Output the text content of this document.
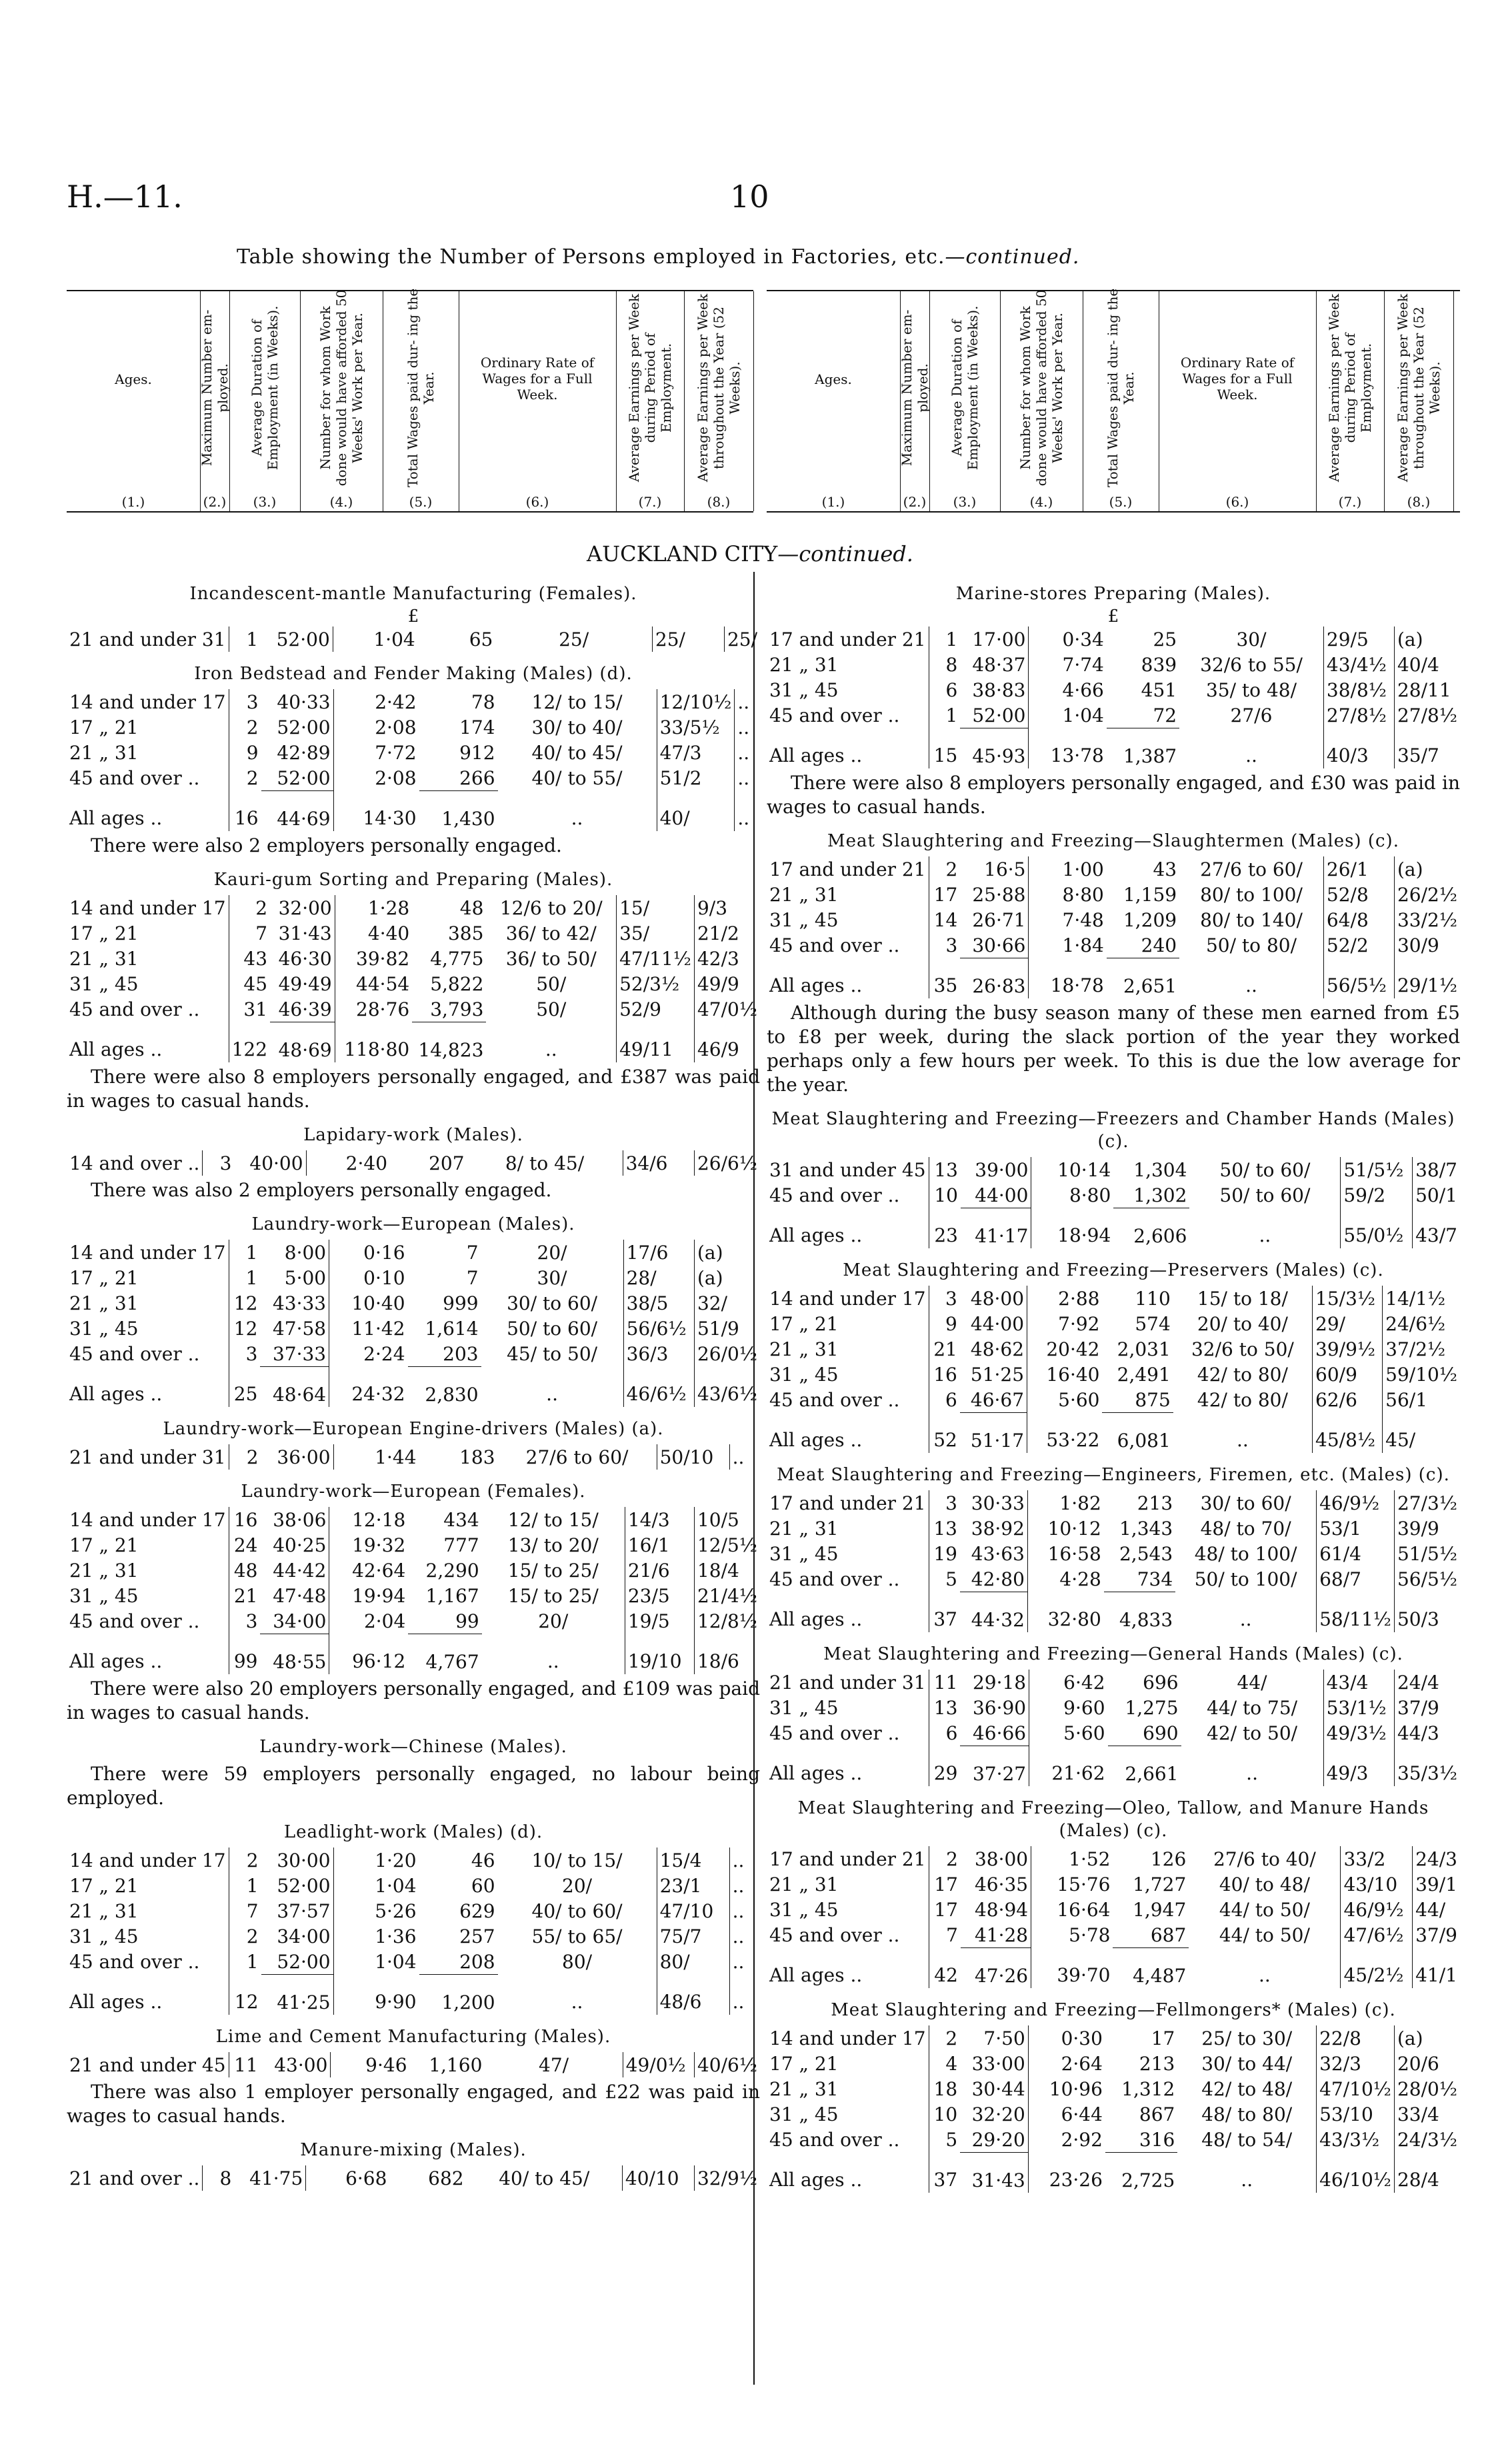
H.—11.	10
Table showing the Number of Persons employed in Factories, etc.—continued.
Ages.
(1.)
Maximum Number em- ployed.
(2.)
Average Duration of Employment (in Weeks).
(3.)
Number for whom Work done would have afforded 50 Weeks' Work per Year.
(4.)
Total Wages paid dur- ing the Year.
(5.)
Ordinary Rate of Wages for a Full Week.
(6.)
Average Earnings per Week during Period of Employment.
(7.)
Average Earnings per Week throughout the Year (52 Weeks).
(8.)
Ages.
(1.)
Maximum Number em- ployed.
(2.)
Average Duration of Employment (in Weeks).
(3.)
Number for whom Work done would have afforded 50 Weeks' Work per Year.
(4.)
Total Wages paid dur- ing the Year.
(5.)
Ordinary Rate of Wages for a Full Week.
(6.)
Average Earnings per Week during Period of Employment.
(7.)
Average Earnings per Week throughout the Year (52 Weeks).
(8.)
AUCKLAND CITY—continued.
Incandescent-mantle Manufacturing (Females).
£
21 and under 31	1	52·00	1·04	65	25/	25/	25/
Iron Bedstead and Fender Making (Males) (d).
14 and under 17	3	40·33	2·42	78	12/ to 15/	12/10½	..
17 „ 21	2	52·00	2·08	174	30/ to 40/	33/5½	..
21 „ 31	9	42·89	7·72	912	40/ to 45/	47/3	..
45 and over ..	2	52·00	2·08	266	40/ to 55/	51/2	..
All ages ..	16	44·69	14·30	1,430	..	40/	..
There were also 2 employers personally engaged.
Kauri-gum Sorting and Preparing (Males).
14 and under 17	2	32·00	1·28	48	12/6 to 20/	15/	9/3
17 „ 21	7	31·43	4·40	385	36/ to 42/	35/	21/2
21 „ 31	43	46·30	39·82	4,775	36/ to 50/	47/11½	42/3
31 „ 45	45	49·49	44·54	5,822	50/	52/3½	49/9
45 and over ..	31	46·39	28·76	3,793	50/	52/9	47/0½
All ages ..	122	48·69	118·80	14,823	..	49/11	46/9
There were also 8 employers personally engaged, and £387 was paid in wages to casual hands.
Lapidary-work (Males).
14 and over ..	3	40·00	2·40	207	8/ to 45/	34/6	26/6½
There was also 2 employers personally engaged.
Laundry-work—European (Males).
14 and under 17	1	8·00	0·16	7	20/	17/6	(a)
17 „ 21	1	5·00	0·10	7	30/	28/	(a)
21 „ 31	12	43·33	10·40	999	30/ to 60/	38/5	32/
31 „ 45	12	47·58	11·42	1,614	50/ to 60/	56/6½	51/9
45 and over ..	3	37·33	2·24	203	45/ to 50/	36/3	26/0½
All ages ..	25	48·64	24·32	2,830	..	46/6½	43/6½
Laundry-work—European Engine-drivers (Males) (a).
21 and under 31	2	36·00	1·44	183	27/6 to 60/	50/10	..
Laundry-work—European (Females).
14 and under 17	16	38·06	12·18	434	12/ to 15/	14/3	10/5
17 „ 21	24	40·25	19·32	777	13/ to 20/	16/1	12/5½
21 „ 31	48	44·42	42·64	2,290	15/ to 25/	21/6	18/4
31 „ 45	21	47·48	19·94	1,167	15/ to 25/	23/5	21/4½
45 and over ..	3	34·00	2·04	99	20/	19/5	12/8½
All ages ..	99	48·55	96·12	4,767	..	19/10	18/6
There were also 20 employers personally engaged, and £109 was paid in wages to casual hands.
Laundry-work—Chinese (Males).
There were 59 employers personally engaged, no labour being employed.
Leadlight-work (Males) (d).
14 and under 17	2	30·00	1·20	46	10/ to 15/	15/4	..
17 „ 21	1	52·00	1·04	60	20/	23/1	..
21 „ 31	7	37·57	5·26	629	40/ to 60/	47/10	..
31 „ 45	2	34·00	1·36	257	55/ to 65/	75/7	..
45 and over ..	1	52·00	1·04	208	80/	80/	..
All ages ..	12	41·25	9·90	1,200	..	48/6	..
Lime and Cement Manufacturing (Males).
21 and under 45	11	43·00	9·46	1,160	47/	49/0½	40/6½
There was also 1 employer personally engaged, and £22 was paid in wages to casual hands.
Manure-mixing (Males).
21 and over ..	8	41·75	6·68	682	40/ to 45/	40/10	32/9½
Marine-stores Preparing (Males).
£
17 and under 21	1	17·00	0·34	25	30/	29/5	(a)
21 „ 31	8	48·37	7·74	839	32/6 to 55/	43/4½	40/4
31 „ 45	6	38·83	4·66	451	35/ to 48/	38/8½	28/11
45 and over ..	1	52·00	1·04	72	27/6	27/8½	27/8½
All ages ..	15	45·93	13·78	1,387	..	40/3	35/7
There were also 8 employers personally engaged, and £30 was paid in wages to casual hands.
Meat Slaughtering and Freezing—Slaughtermen (Males) (c).
17 and under 21	2	16·5	1·00	43	27/6 to 60/	26/1	(a)
21 „ 31	17	25·88	8·80	1,159	80/ to 100/	52/8	26/2½
31 „ 45	14	26·71	7·48	1,209	80/ to 140/	64/8	33/2½
45 and over ..	3	30·66	1·84	240	50/ to 80/	52/2	30/9
All ages ..	35	26·83	18·78	2,651	..	56/5½	29/1½
Although during the busy season many of these men earned from £5 to £8 per week, during the slack portion of the year they worked perhaps only a few hours per week. To this is due the low average for the year.
Meat Slaughtering and Freezing—Freezers and Chamber Hands (Males) (c).
31 and under 45	13	39·00	10·14	1,304	50/ to 60/	51/5½	38/7
45 and over ..	10	44·00	8·80	1,302	50/ to 60/	59/2	50/1
All ages ..	23	41·17	18·94	2,606	..	55/0½	43/7
Meat Slaughtering and Freezing—Preservers (Males) (c).
14 and under 17	3	48·00	2·88	110	15/ to 18/	15/3½	14/1½
17 „ 21	9	44·00	7·92	574	20/ to 40/	29/	24/6½
21 „ 31	21	48·62	20·42	2,031	32/6 to 50/	39/9½	37/2½
31 „ 45	16	51·25	16·40	2,491	42/ to 80/	60/9	59/10½
45 and over ..	6	46·67	5·60	875	42/ to 80/	62/6	56/1
All ages ..	52	51·17	53·22	6,081	..	45/8½	45/
Meat Slaughtering and Freezing—Engineers, Firemen, etc. (Males) (c).
17 and under 21	3	30·33	1·82	213	30/ to 60/	46/9½	27/3½
21 „ 31	13	38·92	10·12	1,343	48/ to 70/	53/1	39/9
31 „ 45	19	43·63	16·58	2,543	48/ to 100/	61/4	51/5½
45 and over ..	5	42·80	4·28	734	50/ to 100/	68/7	56/5½
All ages ..	37	44·32	32·80	4,833	..	58/11½	50/3
Meat Slaughtering and Freezing—General Hands (Males) (c).
21 and under 31	11	29·18	6·42	696	44/	43/4	24/4
31 „ 45	13	36·90	9·60	1,275	44/ to 75/	53/1½	37/9
45 and over ..	6	46·66	5·60	690	42/ to 50/	49/3½	44/3
All ages ..	29	37·27	21·62	2,661	..	49/3	35/3½
Meat Slaughtering and Freezing—Oleo, Tallow, and Manure Hands (Males) (c).
17 and under 21	2	38·00	1·52	126	27/6 to 40/	33/2	24/3
21 „ 31	17	46·35	15·76	1,727	40/ to 48/	43/10	39/1
31 „ 45	17	48·94	16·64	1,947	44/ to 50/	46/9½	44/
45 and over ..	7	41·28	5·78	687	44/ to 50/	47/6½	37/9
All ages ..	42	47·26	39·70	4,487	..	45/2½	41/1
Meat Slaughtering and Freezing—Fellmongers* (Males) (c).
14 and under 17	2	7·50	0·30	17	25/ to 30/	22/8	(a)
17 „ 21	4	33·00	2·64	213	30/ to 44/	32/3	20/6
21 „ 31	18	30·44	10·96	1,312	42/ to 48/	47/10½	28/0½
31 „ 45	10	32·20	6·44	867	48/ to 80/	53/10	33/4
45 and over ..	5	29·20	2·92	316	48/ to 54/	43/3½	24/3½
All ages ..	37	31·43	23·26	2,725	..	46/10½	28/4
